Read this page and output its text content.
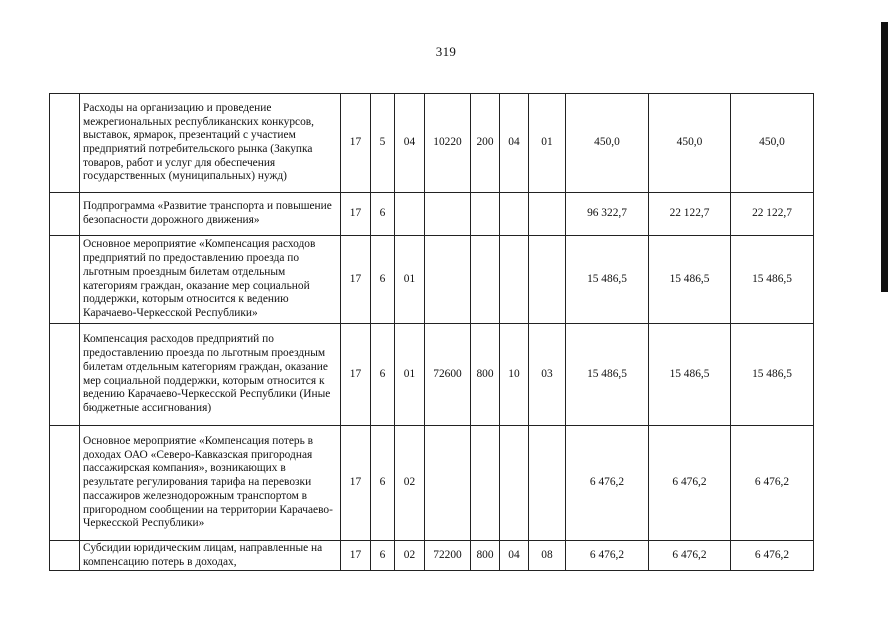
319
	Расходы на организацию и проведение межрегиональных республиканских конкурсов, выставок, ярмарок, презентаций с участием предприятий потребительского рынка (Закупка товаров, работ и услуг для обеспечения государственных (муниципальных) нужд)	17	5	04	10220	200	04	01	450,0	450,0	450,0
	Подпрограмма «Развитие транспорта и повышение безопасности дорожного движения»	17	6						96 322,7	22 122,7	22 122,7
	Основное мероприятие «Компенсация расходов предприятий по предоставлению проезда по льготным проездным билетам отдельным категориям граждан, оказание мер социальной поддержки, которым относится к ведению Карачаево-Черкесской Республики»	17	6	01					15 486,5	15 486,5	15 486,5
	Компенсация расходов предприятий по предоставлению проезда по льготным проездным билетам отдельным категориям граждан, оказание мер социальной поддержки, которым относится к ведению Карачаево-Черкесской Республики (Иные бюджетные ассигнования)	17	6	01	72600	800	10	03	15 486,5	15 486,5	15 486,5
	Основное мероприятие «Компенсация потерь в доходах ОАО «Северо-Кавказская пригородная пассажирская компания», возникающих в результате регулирования тарифа на перевозки пассажиров железнодорожным транспортом в пригородном сообщении на территории Карачаево-Черкесской Республики»	17	6	02					6 476,2	6 476,2	6 476,2
	Субсидии юридическим лицам, направленные на компенсацию потерь в доходах,	17	6	02	72200	800	04	08	6 476,2	6 476,2	6 476,2
